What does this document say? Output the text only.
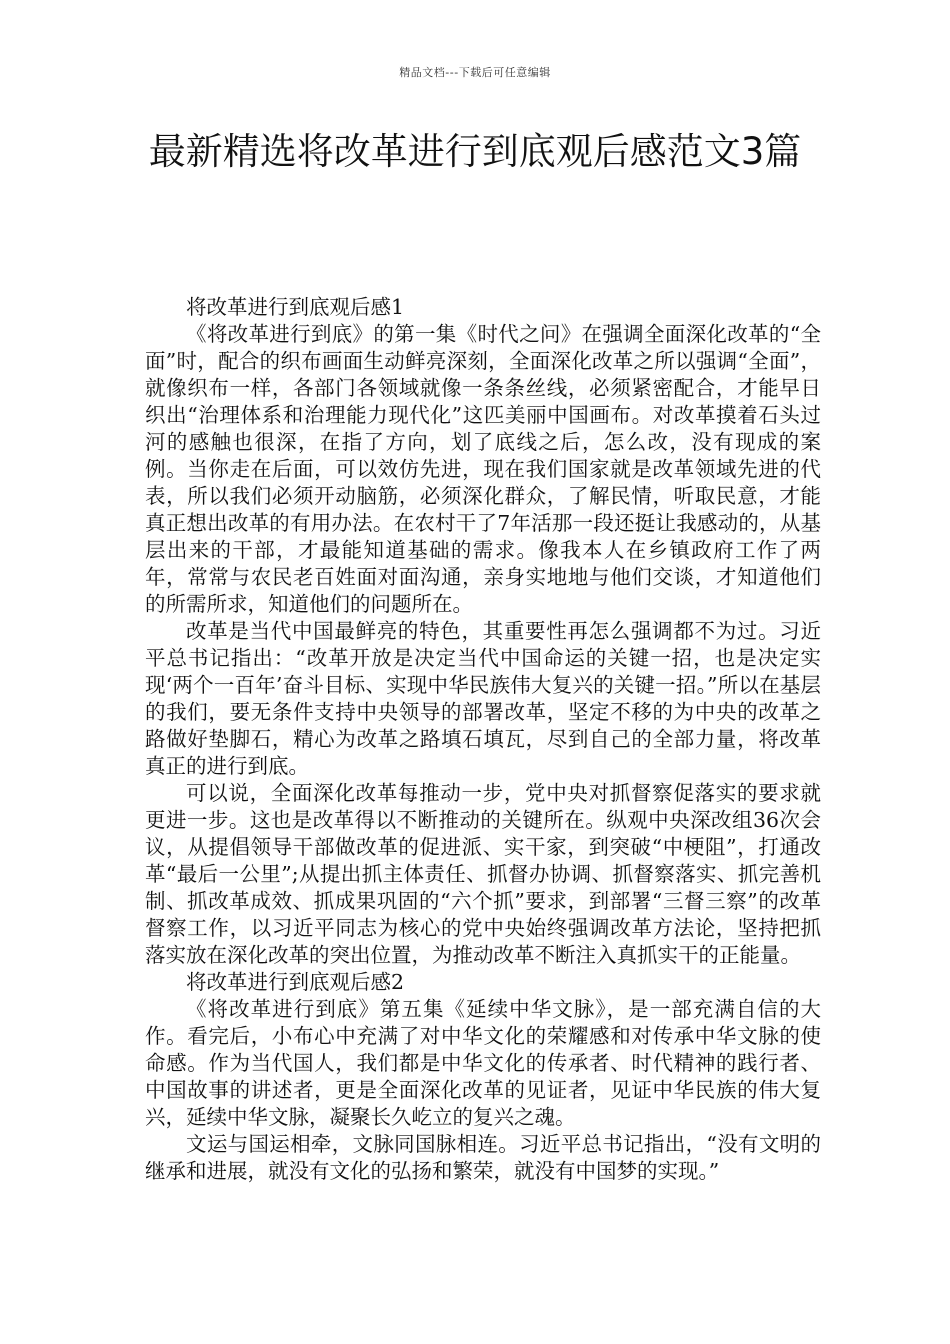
精品文档---下载后可任意编辑
最新精选将改革进行到底观后感范文3篇

将改革进行到底观后感1

《将改革进行到底》的第一集《时代之问》在强调全面深化改革的“全面”时，配合的织布画面生动鲜亮深刻，全面深化改革之所以强调“全面”，就像织布一样，各部门各领域就像一条条丝线，必须紧密配合，才能早日织出“治理体系和治理能力现代化”这匹美丽中国画布。对改革摸着石头过河的感触也很深，在指了方向，划了底线之后，怎么改，没有现成的案例。当你走在后面，可以效仿先进，现在我们国家就是改革领域先进的代表，所以我们必须开动脑筋，必须深化群众，了解民情，听取民意，才能真正想出改革的有用办法。在农村干了7年活那一段还挺让我感动的，从基层出来的干部，才最能知道基础的需求。像我本人在乡镇政府工作了两年，常常与农民老百姓面对面沟通，亲身实地地与他们交谈，才知道他们的所需所求，知道他们的问题所在。

改革是当代中国最鲜亮的特色，其重要性再怎么强调都不为过。习近平总书记指出：“改革开放是决定当代中国命运的关键一招，也是决定实现‘两个一百年’奋斗目标、实现中华民族伟大复兴的关键一招。”所以在基层的我们，要无条件支持中央领导的部署改革，坚定不移的为中央的改革之路做好垫脚石，精心为改革之路填石填瓦，尽到自己的全部力量，将改革真正的进行到底。

可以说，全面深化改革每推动一步，党中央对抓督察促落实的要求就更进一步。这也是改革得以不断推动的关键所在。纵观中央深改组36次会议，从提倡领导干部做改革的促进派、实干家，到突破“中梗阻”，打通改革“最后一公里”;从提出抓主体责任、抓督办协调、抓督察落实、抓完善机制、抓改革成效、抓成果巩固的“六个抓”要求，到部署“三督三察”的改革督察工作，以习近平同志为核心的党中央始终强调改革方法论，坚持把抓落实放在深化改革的突出位置，为推动改革不断注入真抓实干的正能量。

将改革进行到底观后感2

《将改革进行到底》第五集《延续中华文脉》，是一部充满自信的大作。看完后，小布心中充满了对中华文化的荣耀感和对传承中华文脉的使命感。作为当代国人，我们都是中华文化的传承者、时代精神的践行者、中国故事的讲述者，更是全面深化改革的见证者，见证中华民族的伟大复兴，延续中华文脉，凝聚长久屹立的复兴之魂。

文运与国运相牵，文脉同国脉相连。习近平总书记指出，“没有文明的继承和进展，就没有文化的弘扬和繁荣，就没有中国梦的实现。”
